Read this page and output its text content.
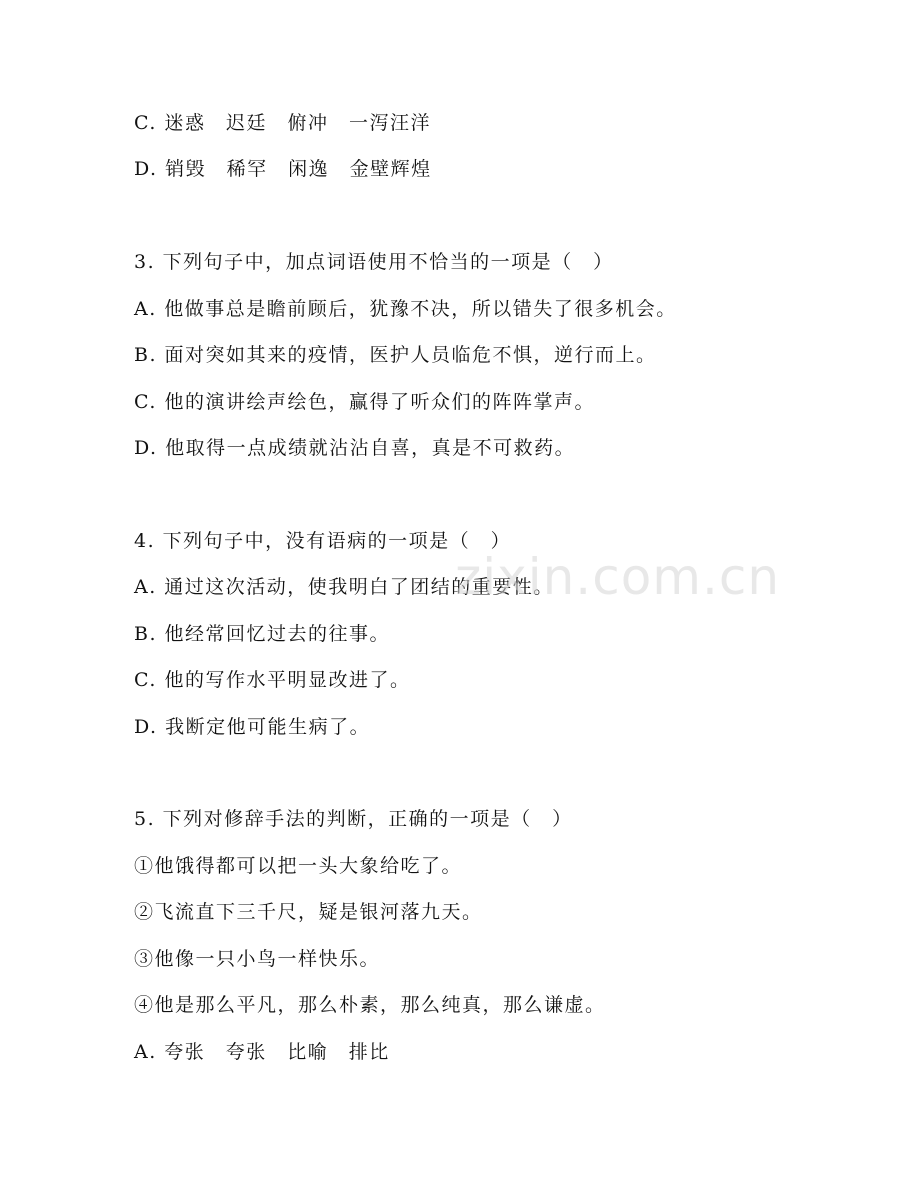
C. 迷惑　迟廷　俯冲　一泻汪洋
D. 销毁　稀罕　闲逸　金壁辉煌
3. 下列句子中，加点词语使用不恰当的一项是（　）
A. 他做事总是瞻前顾后，犹豫不决，所以错失了很多机会。
B. 面对突如其来的疫情，医护人员临危不惧，逆行而上。
C. 他的演讲绘声绘色，赢得了听众们的阵阵掌声。
D. 他取得一点成绩就沾沾自喜，真是不可救药。
4. 下列句子中，没有语病的一项是（　）
A. 通过这次活动，使我明白了团结的重要性。
B. 他经常回忆过去的往事。
C. 他的写作水平明显改进了。
D. 我断定他可能生病了。
5. 下列对修辞手法的判断，正确的一项是（　）
①他饿得都可以把一头大象给吃了。
②飞流直下三千尺，疑是银河落九天。
③他像一只小鸟一样快乐。
④他是那么平凡，那么朴素，那么纯真，那么谦虚。
A. 夸张　夸张　比喻　排比
zixin.com.cn
